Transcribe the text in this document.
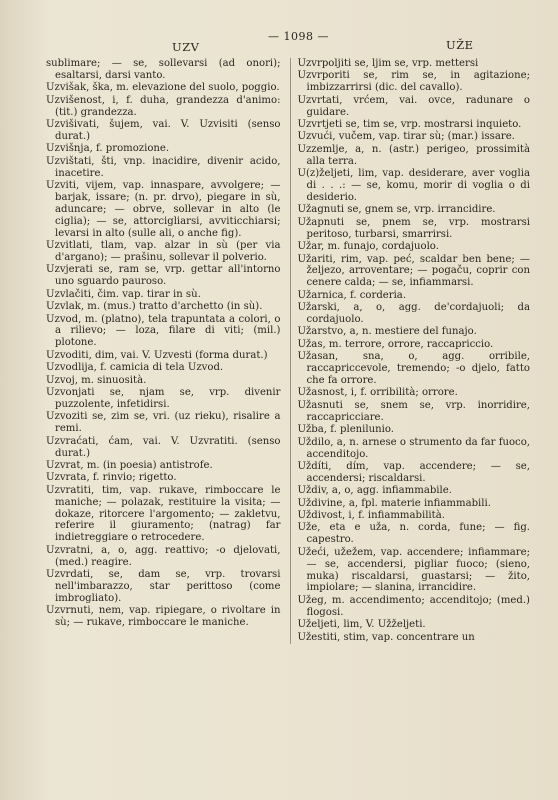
UZV
— 1098 —
UŽE

sublimare; — se, sollevarsi (ad onori); esaltarsi, darsi vanto.

Uzvišak, ška, m. elevazione del suolo, poggio.

Uzvišenost, i, f. duha, grandezza d'animo: (tit.) grandezza.

Uzvišivati, šujem, vai. V. Uzvisiti (senso durat.)

Uzvišnja, f. promozione.

Uzvištati, šti, vnp. inacidire, divenir acido, inacetire.

Uzviti, vijem, vap. innaspare, avvolgere; — barjak, issare; (n. pr. drvo), piegare in sù, aduncare; — obrve, sollevar in alto (le ciglia); — se, attorcigliarsi, avviticchiarsi; levarsi in alto (sulle ali, o anche fig).

Uzvitlati, tlam, vap. alzar in sù (per via d'argano); — prašinu, sollevar il polverio.

Uzvjerati se, ram se, vrp. gettar all'intorno uno sguardo pauroso.

Uzvlačiti, čim. vap. tirar in sù.

Uzvlak, m. (mus.) tratto d'archetto (in sù).

Uzvod, m. (platno), tela trapuntata a colori, o a rilievo; — loza, filare di viti; (mil.) plotone.

Uzvoditi, dim, vai. V. Uzvesti (forma durat.)

Uzvodlija, f. camicia di tela Uzvod.

Uzvoj, m. sinuosità.

Uzvonjati se, njam se, vrp. divenir puzzolente, infetidirsi.

Uzvoziti se, zim se, vri. (uz rieku), risalire a remi.

Uzvraćati, ćam, vai. V. Uzvratiti. (senso durat.)

Uzvrat, m. (in poesia) antistrofe.

Uzvrata, f. rinvio; rigetto.

Uzvratiti, tim, vap. rukave, rimboccare le maniche; — polazak, restituire la visita; — dokaze, ritorcere l'argomento; — zakletvu, referire il giuramento; (natrag) far indietreggiare o retrocedere.

Uzvratni, a, o, agg. reattivo; -o djelovati, (med.) reagire.

Uzvrdati, se, dam se, vrp. trovarsi nell'imbarazzo, star perittoso (come imbrogliato).

Uzvrnuti, nem, vap. ripiegare, o rivoltare in sù; — rukave, rimboccare le maniche.

Uzvrpoljiti se, ljim se, vrp. mettersi

Uzvrporiti se, rim se, in agitazione; imbizzarrirsi (dic. del cavallo).

Uzvrtati, vrćem, vai. ovce, radunare o guidare.

Uzvrtjeti se, tim se, vrp. mostrarsi inquieto.

Uzvući, vučem, vap. tirar sù; (mar.) issare.

Uzzemlje, a, n. (astr.) perigeo, prossimità alla terra.

U(z)željeti, lim, vap. desiderare, aver voglia di . . .: — se, komu, morir di voglia o di desiderio.

Užagnuti se, gnem se, vrp. irrancidire.

Užapnuti se, pnem se, vrp. mostrarsi peritoso, turbarsi, smarrirsi.

Užar, m. funajo, cordajuolo.

Užariti, rim, vap. peć, scaldar ben bene; — željezo, arroventare; — pogaču, coprir con cenere calda; — se, infiammarsi.

Užarnica, f. corderia.

Užarski, a, o, agg. de'cordajuoli; da cordajuolo.

Užarstvo, a, n. mestiere del funajo.

Užas, m. terrore, orrore, raccapriccio.

Užasan, sna, o, agg. orribile, raccapriccevole, tremendo; -o djelo, fatto che fa orrore.

Užasnost, i, f. orribilità; orrore.

Užasnuti se, snem se, vrp. inorridire, raccapricciare.

Užba, f. plenilunio.

Uždilo, a, n. arnese o strumento da far fuoco, accenditojo.

Uždíti, dím, vap. accendere; — se, accendersi; riscaldarsi.

Uždiv, a, o, agg. infiammabile.

Uždivine, a, fpl. materie infiammabili.

Uždivost, i, f. infiammabilità.

Uže, eta e uža, n. corda, fune; — fig. capestro.

Užeći, užežem, vap. accendere; infiammare; — se, accendersi, pigliar fuoco; (sieno, muka) riscaldarsi, guastarsi; — žito, impiolare; — slanina, irrancidire.

Užeg, m. accendimento; accenditojo; (med.) flogosi.

Uželjeti, lim, V. Užželjeti.

Užestiti, stim, vap. concentrare un
